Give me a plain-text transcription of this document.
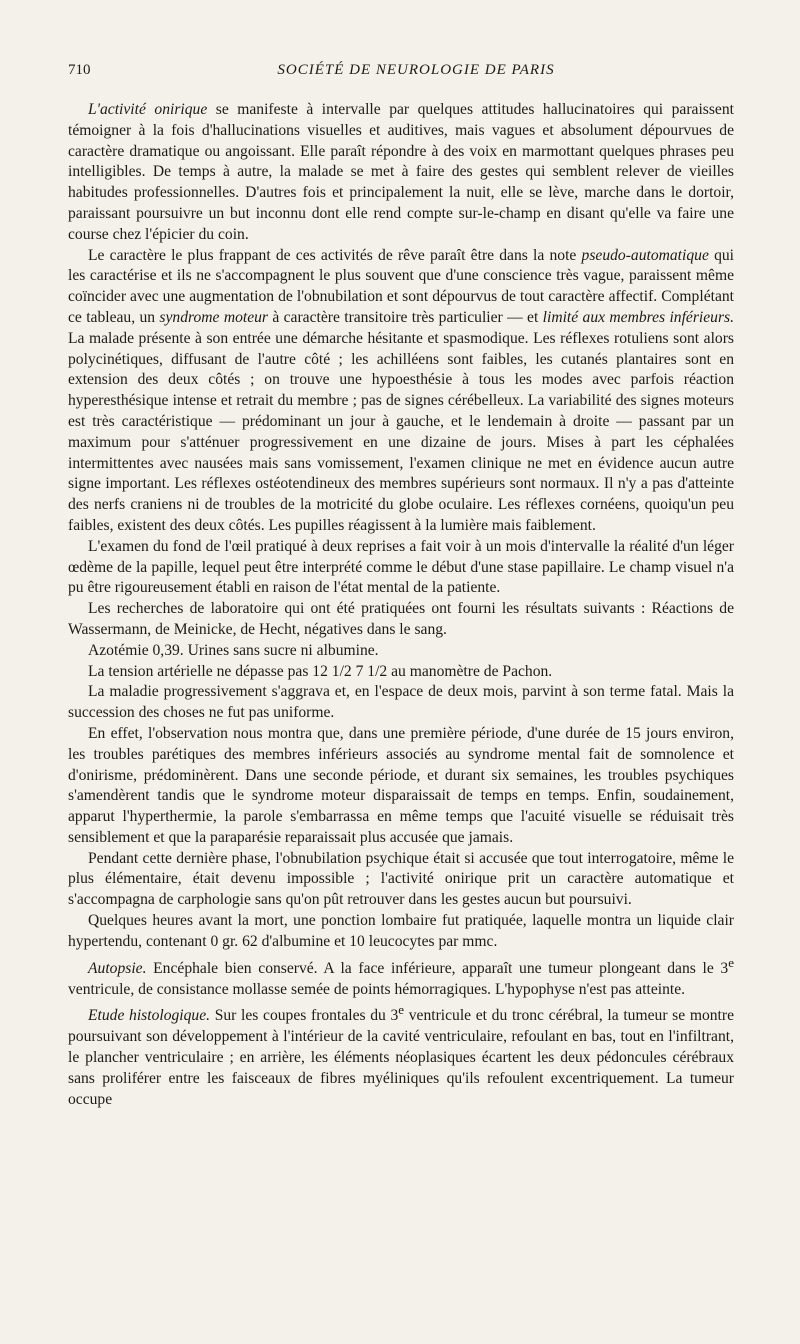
710	SOCIÉTÉ DE NEUROLOGIE DE PARIS

L'activité onirique se manifeste à intervalle par quelques attitudes hallucinatoires qui paraissent témoigner à la fois d'hallucinations visuelles et auditives, mais vagues et absolument dépourvues de caractère dramatique ou angoissant. Elle paraît répondre à des voix en marmottant quelques phrases peu intelligibles. De temps à autre, la malade se met à faire des gestes qui semblent relever de vieilles habitudes professionnelles. D'autres fois et principalement la nuit, elle se lève, marche dans le dortoir, paraissant poursuivre un but inconnu dont elle rend compte sur-le-champ en disant qu'elle va faire une course chez l'épicier du coin.

Le caractère le plus frappant de ces activités de rêve paraît être dans la note pseudo-automatique qui les caractérise et ils ne s'accompagnent le plus souvent que d'une conscience très vague, paraissent même coïncider avec une augmentation de l'obnubilation et sont dépourvus de tout caractère affectif. Complétant ce tableau, un syndrome moteur à caractère transitoire très particulier — et limité aux membres inférieurs. La malade présente à son entrée une démarche hésitante et spasmodique. Les réflexes rotuliens sont alors polycinétiques, diffusant de l'autre côté ; les achilléens sont faibles, les cutanés plantaires sont en extension des deux côtés ; on trouve une hypoesthésie à tous les modes avec parfois réaction hyperesthésique intense et retrait du membre ; pas de signes cérébelleux. La variabilité des signes moteurs est très caractéristique — prédominant un jour à gauche, et le lendemain à droite — passant par un maximum pour s'atténuer progressivement en une dizaine de jours. Mises à part les céphalées intermittentes avec nausées mais sans vomissement, l'examen clinique ne met en évidence aucun autre signe important. Les réflexes ostéotendineux des membres supérieurs sont normaux. Il n'y a pas d'atteinte des nerfs craniens ni de troubles de la motricité du globe oculaire. Les réflexes cornéens, quoiqu'un peu faibles, existent des deux côtés. Les pupilles réagissent à la lumière mais faiblement.

L'examen du fond de l'œil pratiqué à deux reprises a fait voir à un mois d'intervalle la réalité d'un léger œdème de la papille, lequel peut être interprété comme le début d'une stase papillaire. Le champ visuel n'a pu être rigoureusement établi en raison de l'état mental de la patiente.

Les recherches de laboratoire qui ont été pratiquées ont fourni les résultats suivants : Réactions de Wassermann, de Meinicke, de Hecht, négatives dans le sang.

Azotémie 0,39. Urines sans sucre ni albumine.

La tension artérielle ne dépasse pas 12 1/2 7 1/2 au manomètre de Pachon.

La maladie progressivement s'aggrava et, en l'espace de deux mois, parvint à son terme fatal. Mais la succession des choses ne fut pas uniforme.

En effet, l'observation nous montra que, dans une première période, d'une durée de 15 jours environ, les troubles parétiques des membres inférieurs associés au syndrome mental fait de somnolence et d'onirisme, prédominèrent. Dans une seconde période, et durant six semaines, les troubles psychiques s'amendèrent tandis que le syndrome moteur disparaissait de temps en temps. Enfin, soudainement, apparut l'hyperthermie, la parole s'embarrassa en même temps que l'acuité visuelle se réduisait très sensiblement et que la paraparésie reparaissait plus accusée que jamais.

Pendant cette dernière phase, l'obnubilation psychique était si accusée que tout interrogatoire, même le plus élémentaire, était devenu impossible ; l'activité onirique prit un caractère automatique et s'accompagna de carphologie sans qu'on pût retrouver dans les gestes aucun but poursuivi.

Quelques heures avant la mort, une ponction lombaire fut pratiquée, laquelle montra un liquide clair hypertendu, contenant 0 gr. 62 d'albumine et 10 leucocytes par mmc.

Autopsie. Encéphale bien conservé. A la face inférieure, apparaît une tumeur plongeant dans le 3e ventricule, de consistance mollasse semée de points hémorragiques. L'hypophyse n'est pas atteinte.

Etude histologique. Sur les coupes frontales du 3e ventricule et du tronc cérébral, la tumeur se montre poursuivant son développement à l'intérieur de la cavité ventriculaire, refoulant en bas, tout en l'infiltrant, le plancher ventriculaire ; en arrière, les éléments néoplasiques écartent les deux pédoncules cérébraux sans proliférer entre les faisceaux de fibres myéliniques qu'ils refoulent excentriquement. La tumeur occupe
